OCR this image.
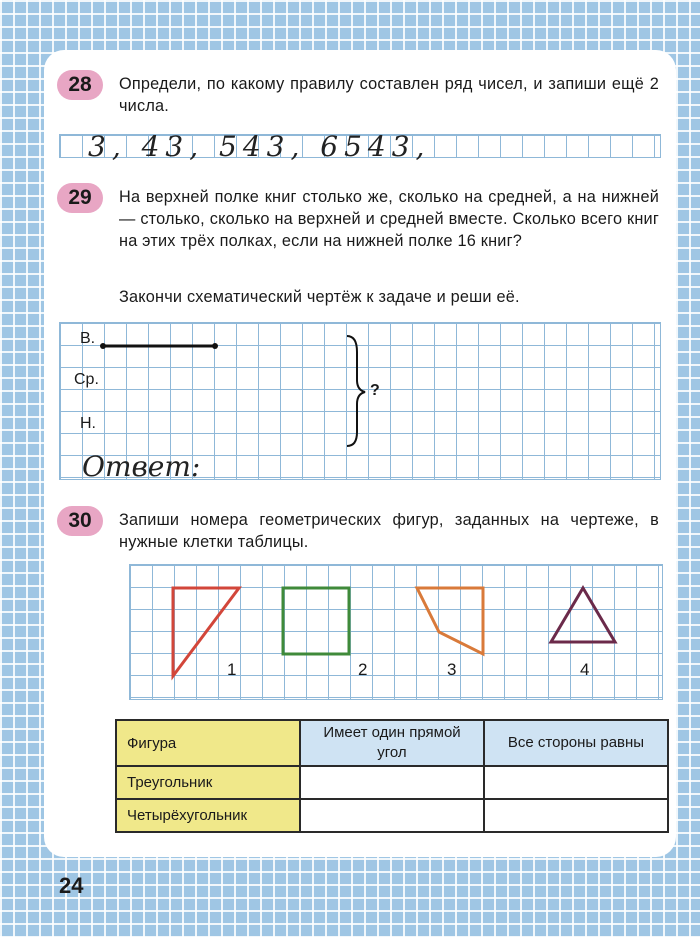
28	Определи, по какому правилу составлен ряд чисел, и запиши ещё 2 числа.
3, 43, 543, 6543,
29	На верхней полке книг столько же, сколько на средней, а на нижней — столько, сколько на верхней и средней вместе. Сколько всего книг на этих трёх полках, если на нижней полке 16 книг?
Закончи схематический чертёж к задаче и реши её.
В.
Ср.
Н.
?
Ответ:
30	Запиши номера геометрических фигур, заданных на чертеже, в нужные клетки таблицы.
1	2	3	4
Фигура	Имеет один прямой угол	Все стороны равны
Треугольник		
Четырёхугольник		
24
